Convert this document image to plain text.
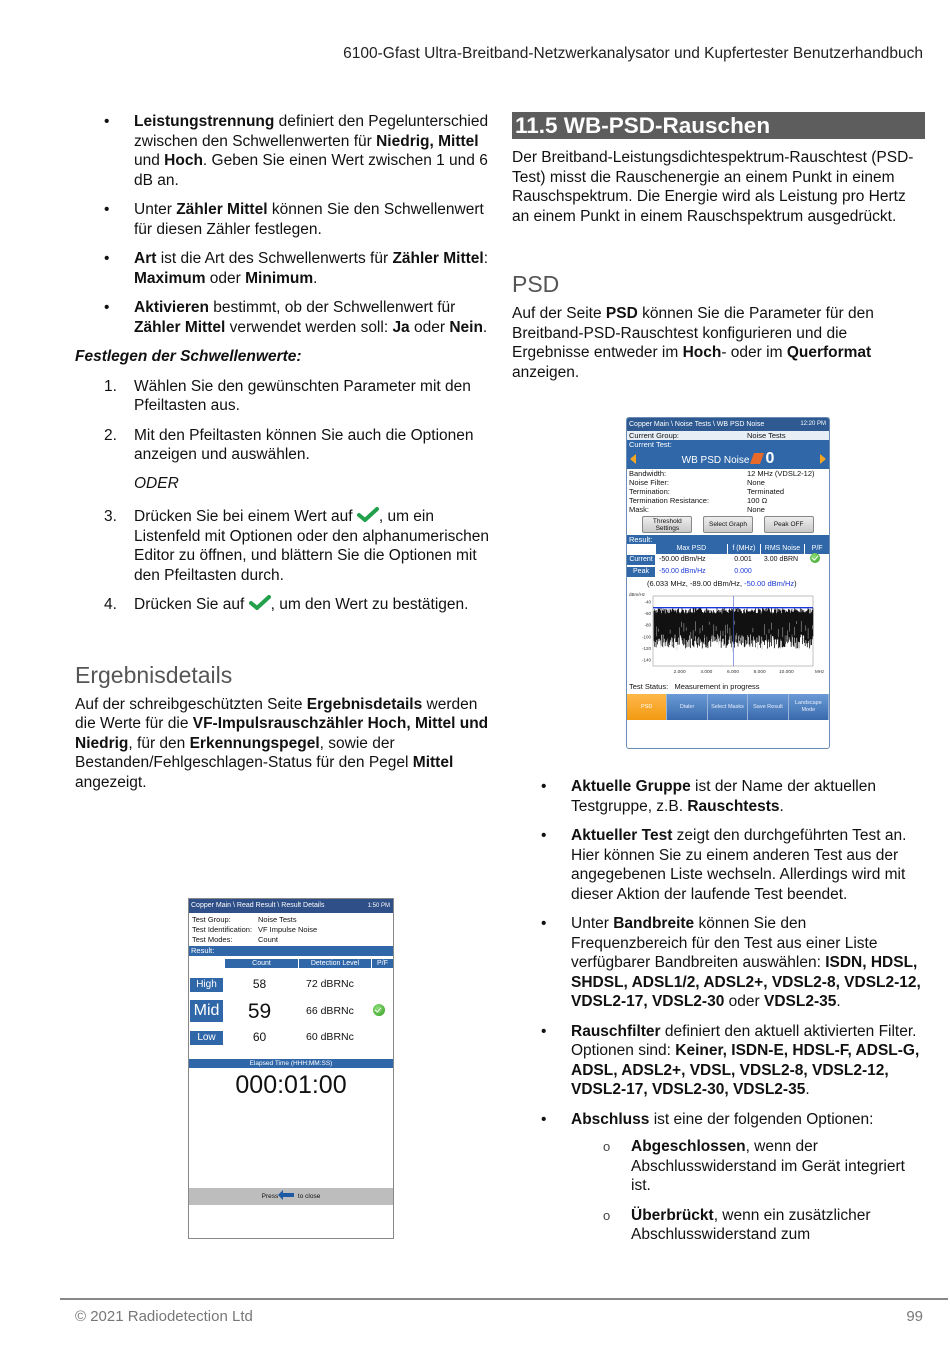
6100-Gfast Ultra-Breitband-Netzwerkanalysator und Kupfertester Benutzerhandbuch
• Leistungstrennung definiert den Pegelunterschied zwischen den Schwellenwerten für Niedrig, Mittel und Hoch. Geben Sie einen Wert zwischen 1 und 6 dB an.
• Unter Zähler Mittel können Sie den Schwellenwert für diesen Zähler festlegen.
• Art ist die Art des Schwellenwerts für Zähler Mittel: Maximum oder Minimum.
• Aktivieren bestimmt, ob der Schwellenwert für Zähler Mittel verwendet werden soll: Ja oder Nein.
Festlegen der Schwellenwerte:
1. Wählen Sie den gewünschten Parameter mit den Pfeiltasten aus.
2. Mit den Pfeiltasten können Sie auch die Optionen anzeigen und auswählen.
ODER
3. Drücken Sie bei einem Wert auf , um ein Listenfeld mit Optionen oder den alphanumerischen Editor zu öffnen, und blättern Sie die Optionen mit den Pfeiltasten durch.
4. Drücken Sie auf , um den Wert zu bestätigen.
Ergebnisdetails
Auf der schreibgeschützten Seite Ergebnisdetails werden die Werte für die VF-Impulsrauschzähler Hoch, Mittel und Niedrig, für den Erkennungspegel, sowie der Bestanden/Fehlgeschlagen-Status für den Pegel Mittel angezeigt.
11.5 WB-PSD-Rauschen
Der Breitband-Leistungsdichtespektrum-Rauschtest (PSD-Test) misst die Rauschenergie an einem Punkt in einem Rauschspektrum. Die Energie wird als Leistung pro Hertz an einem Punkt in einem Rauschspektrum ausgedrückt.
PSD
Auf der Seite PSD können Sie die Parameter für den Breitband-PSD-Rauschtest konfigurieren und die Ergebnisse entweder im Hoch- oder im Querformat anzeigen.
Copper Main \ Noise Tests \ WB PSD Noise	12:20 PM
Current Group:	Noise Tests
Current Test:
WB PSD Noise 0
Bandwidth:	12 MHz (VDSL2-12)
Noise Filter:	None
Termination:	Terminated
Termination Resistance:	100 Ω
Mask:	None
Threshold Settings	Select Graph	Peak OFF
Result:
Max PSD	f (MHz)	RMS Noise	P/F
Current -50.00 dBm/Hz	0.001	3.00 dBRN
Peak	-50.00 dBm/Hz	0.000
(6.033 MHz, -89.00 dBm/Hz, -50.00 dBm/Hz)
dBm/Hz
-40
-60
-80
-100
-120
-140
2.000	4.000	6.000	8.000	10.000	MHz
Test Status: Measurement in progress
PSD	Dialer	Select Masks	Save Result
Landscape Mode
• Aktuelle Gruppe ist der Name der aktuellen Testgruppe, z.B. Rauschtests.
• Aktueller Test zeigt den durchgeführten Test an. Hier können Sie zu einem anderen Test aus der angegebenen Liste wechseln. Allerdings wird mit dieser Aktion der laufende Test beendet.
• Unter Bandbreite können Sie den Frequenzbereich für den Test aus einer Liste verfügbarer Bandbreiten auswählen: ISDN, HDSL, SHDSL, ADSL1/2, ADSL2+, VDSL2-8, VDSL2-12, VDSL2-17, VDSL2-30 oder VDSL2-35.
• Rauschfilter definiert den aktuell aktivierten Filter. Optionen sind: Keiner, ISDN-E, HDSL-F, ADSL-G, ADSL, ADSL2+, VDSL, VDSL2-8, VDSL2-12, VDSL2-17, VDSL2-30, VDSL2-35.
• Abschluss ist eine der folgenden Optionen:
o Abgeschlossen, wenn der Abschlusswiderstand im Gerät integriert ist.
o Überbrückt, wenn ein zusätzlicher Abschlusswiderstand zum
Copper Main \ Read Result \ Result Details	1:50 PM
Test Group:	Noise Tests
Test Identification: VF Impulse Noise
Test Modes:	Count
Result:
Count	Detection Level	P/F
High	58	72 dBRNc
Mid	59	66 dBRNc
Low	60	60 dBRNc
Elapsed Time (HHH:MM:SS)
000:01:00
Press	to close
© 2021 Radiodetection Ltd	99
